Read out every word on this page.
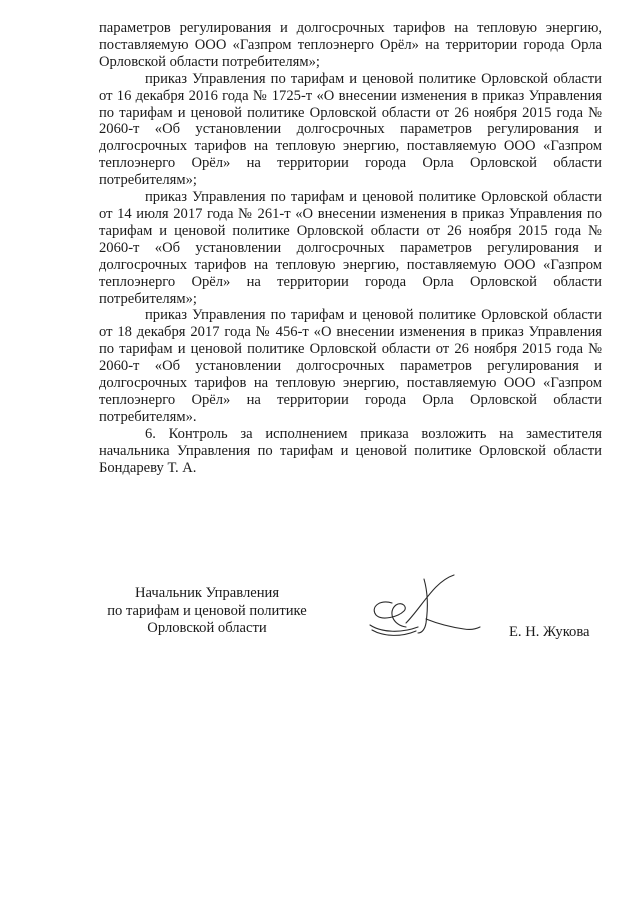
параметров регулирования и долгосрочных тарифов на тепловую энергию, поставляемую ООО «Газпром теплоэнерго Орёл» на территории города Орла Орловской области потребителям»;

приказ Управления по тарифам и ценовой политике Орловской области от 16 декабря 2016 года № 1725-т «О внесении изменения в приказ Управления по тарифам и ценовой политике Орловской области от 26 ноября 2015 года № 2060-т «Об установлении долгосрочных параметров регулирования и долгосрочных тарифов на тепловую энергию, поставляемую ООО «Газпром теплоэнерго Орёл» на территории города Орла Орловской области потребителям»;

приказ Управления по тарифам и ценовой политике Орловской области от 14 июля 2017 года № 261-т «О внесении изменения в приказ Управления по тарифам и ценовой политике Орловской области от 26 ноября 2015 года № 2060-т «Об установлении долгосрочных параметров регулирования и долгосрочных тарифов на тепловую энергию, поставляемую ООО «Газпром теплоэнерго Орёл» на территории города Орла Орловской области потребителям»;

приказ Управления по тарифам и ценовой политике Орловской области от 18 декабря 2017 года № 456-т «О внесении изменения в приказ Управления по тарифам и ценовой политике Орловской области от 26 ноября 2015 года № 2060-т «Об установлении долгосрочных параметров регулирования и долгосрочных тарифов на тепловую энергию, поставляемую ООО «Газпром теплоэнерго Орёл» на территории города Орла Орловской области потребителям».

6. Контроль за исполнением приказа возложить на заместителя начальника Управления по тарифам и ценовой политике Орловской области Бондареву Т. А.

Начальник Управления
по тарифам и ценовой политике
Орловской области	Е. Н. Жукова
